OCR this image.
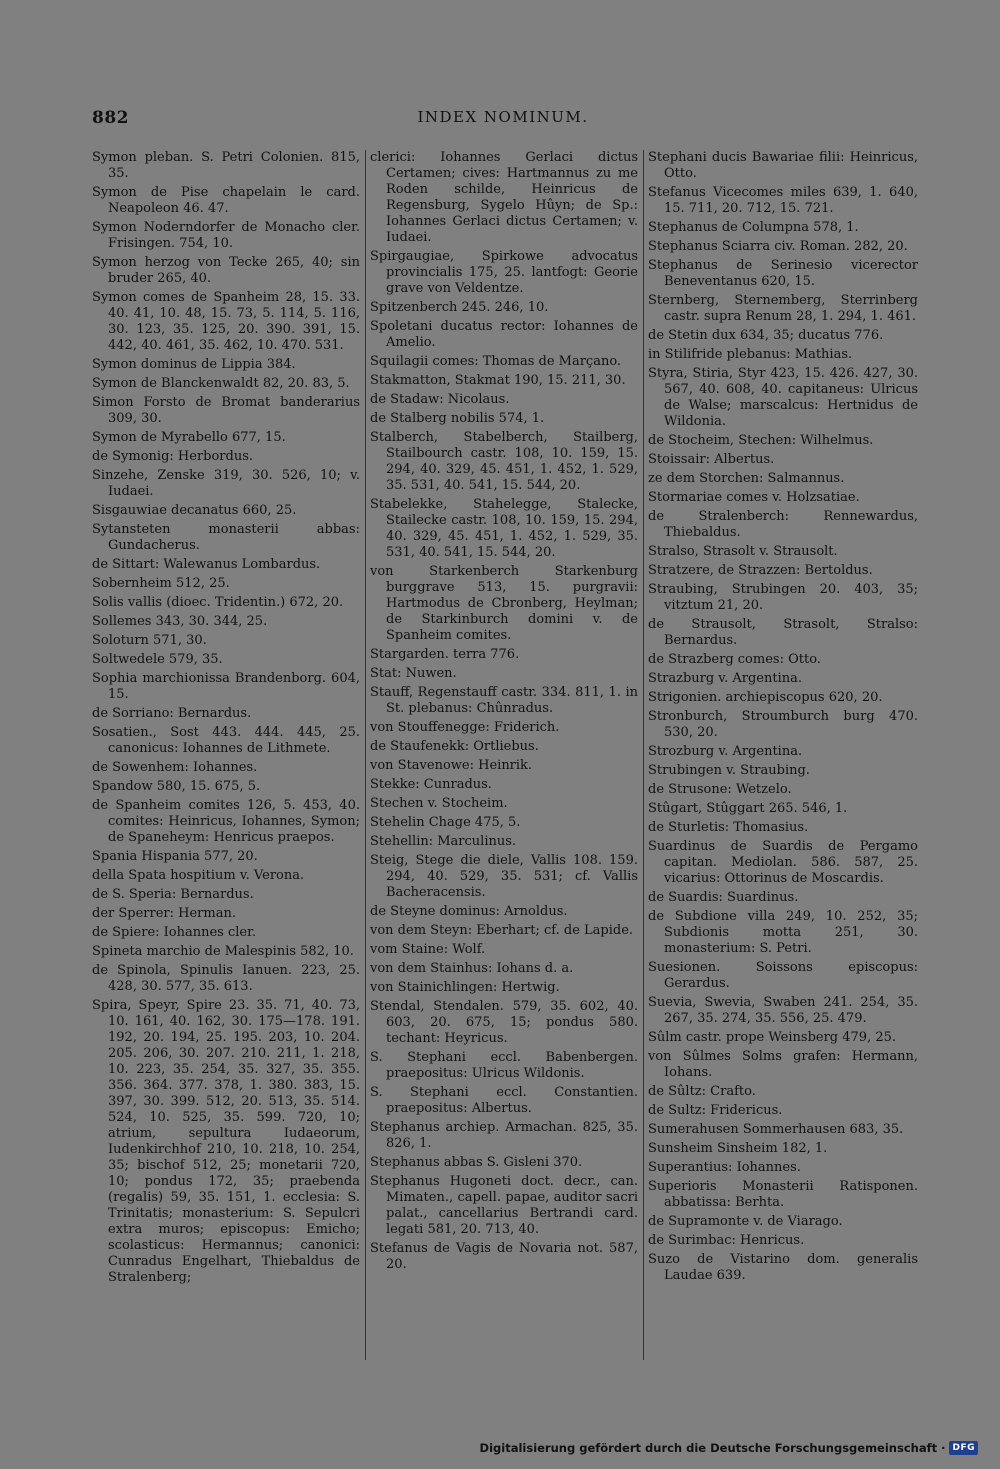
882	INDEX NOMINUM.

Symon pleban. S. Petri Colonien. 815, 35.

Symon de Pise chapelain le card. Neapoleon 46. 47.

Symon Noderndorfer de Monacho cler. Frisingen. 754, 10.

Symon herzog von Tecke 265, 40; sin bruder 265, 40.

Symon comes de Spanheim 28, 15. 33. 40. 41, 10. 48, 15. 73, 5. 114, 5. 116, 30. 123, 35. 125, 20. 390. 391, 15. 442, 40. 461, 35. 462, 10. 470. 531.

Symon dominus de Lippia 384.

Symon de Blanckenwaldt 82, 20. 83, 5.

Simon Forsto de Bromat banderarius 309, 30.

Symon de Myrabello 677, 15.

de Symonig: Herbordus.

Sinzehe, Zenske 319, 30. 526, 10; v. Iudaei.

Sisgauwiae decanatus 660, 25.

Sytansteten monasterii abbas: Gundacherus.

de Sittart: Walewanus Lombardus.

Sobernheim 512, 25.

Solis vallis (dioec. Tridentin.) 672, 20.

Sollemes 343, 30. 344, 25.

Soloturn 571, 30.

Soltwedele 579, 35.

Sophia marchionissa Brandenborg. 604, 15.

de Sorriano: Bernardus.

Sosatien., Sost 443. 444. 445, 25. canonicus: Iohannes de Lithmete.

de Sowenhem: Iohannes.

Spandow 580, 15. 675, 5.

de Spanheim comites 126, 5. 453, 40. comites: Heinricus, Iohannes, Symon; de Spaneheym: Henricus praepos.

Spania Hispania 577, 20.

della Spata hospitium v. Verona.

de S. Speria: Bernardus.

der Sperrer: Herman.

de Spiere: Iohannes cler.

Spineta marchio de Malespinis 582, 10.

de Spinola, Spinulis Ianuen. 223, 25. 428, 30. 577, 35. 613.

Spira, Speyr, Spire 23. 35. 71, 40. 73, 10. 161, 40. 162, 30. 175—178. 191. 192, 20. 194, 25. 195. 203, 10. 204. 205. 206, 30. 207. 210. 211, 1. 218, 10. 223, 35. 254, 35. 327, 35. 355. 356. 364. 377. 378, 1. 380. 383, 15. 397, 30. 399. 512, 20. 513, 35. 514. 524, 10. 525, 35. 599. 720, 10; atrium, sepultura Iudaeorum, Iudenkirchhof 210, 10. 218, 10. 254, 35; bischof 512, 25; monetarii 720, 10; pondus 172, 35; praebenda (regalis) 59, 35. 151, 1. ecclesia: S. Trinitatis; monasterium: S. Sepulcri extra muros; episcopus: Emicho; scolasticus: Hermannus; canonici: Cunradus Engelhart, Thiebaldus de Stralenberg;

clerici: Iohannes Gerlaci dictus Certamen; cives: Hartmannus zu me Roden schilde, Heinricus de Regensburg, Sygelo Hûyn; de Sp.: Iohannes Gerlaci dictus Certamen; v. Iudaei.

Spirgaugiae, Spirkowe advocatus provincialis 175, 25. lantfogt: Georie grave von Veldentze.

Spitzenberch 245. 246, 10.

Spoletani ducatus rector: Iohannes de Amelio.

Squilagii comes: Thomas de Marçano.

Stakmatton, Stakmat 190, 15. 211, 30.

de Stadaw: Nicolaus.

de Stalberg nobilis 574, 1.

Stalberch, Stabelberch, Stailberg, Stailbourch castr. 108, 10. 159, 15. 294, 40. 329, 45. 451, 1. 452, 1. 529, 35. 531, 40. 541, 15. 544, 20.

Stabelekke, Stahelegge, Stalecke, Stailecke castr. 108, 10. 159, 15. 294, 40. 329, 45. 451, 1. 452, 1. 529, 35. 531, 40. 541, 15. 544, 20.

von Starkenberch Starkenburg burggrave 513, 15. purgravii: Hartmodus de Cbronberg, Heylman; de Starkinburch domini v. de Spanheim comites.

Stargarden. terra 776.

Stat: Nuwen.

Stauff, Regenstauff castr. 334. 811, 1. in St. plebanus: Chûnradus.

von Stouffenegge: Friderich.

de Staufenekk: Ortliebus.

von Stavenowe: Heinrik.

Stekke: Cunradus.

Stechen v. Stocheim.

Stehelin Chage 475, 5.

Stehellin: Marculinus.

Steig, Stege die diele, Vallis 108. 159. 294, 40. 529, 35. 531; cf. Vallis Bacheracensis.

de Steyne dominus: Arnoldus.

von dem Steyn: Eberhart; cf. de Lapide.

vom Staine: Wolf.

von dem Stainhus: Iohans d. a.

von Stainichlingen: Hertwig.

Stendal, Stendalen. 579, 35. 602, 40. 603, 20. 675, 15; pondus 580. techant: Heyricus.

S. Stephani eccl. Babenbergen. praepositus: Ulricus Wildonis.

S. Stephani eccl. Constantien. praepositus: Albertus.

Stephanus archiep. Armachan. 825, 35. 826, 1.

Stephanus abbas S. Gisleni 370.

Stephanus Hugoneti doct. decr., can. Mimaten., capell. papae, auditor sacri palat., cancellarius Bertrandi card. legati 581, 20. 713, 40.

Stefanus de Vagis de Novaria not. 587, 20.

Stephani ducis Bawariae filii: Heinricus, Otto.

Stefanus Vicecomes miles 639, 1. 640, 15. 711, 20. 712, 15. 721.

Stephanus de Columpna 578, 1.

Stephanus Sciarra civ. Roman. 282, 20.

Stephanus de Serinesio vicerector Beneventanus 620, 15.

Sternberg, Sternemberg, Sterrinberg castr. supra Renum 28, 1. 294, 1. 461.

de Stetin dux 634, 35; ducatus 776.

in Stilifride plebanus: Mathias.

Styra, Stiria, Styr 423, 15. 426. 427, 30. 567, 40. 608, 40. capitaneus: Ulricus de Walse; marscalcus: Hertnidus de Wildonia.

de Stocheim, Stechen: Wilhelmus.

Stoissair: Albertus.

ze dem Storchen: Salmannus.

Stormariae comes v. Holzsatiae.

de Stralenberch: Rennewardus, Thiebaldus.

Stralso, Strasolt v. Strausolt.

Stratzere, de Strazzen: Bertoldus.

Straubing, Strubingen 20. 403, 35; vitztum 21, 20.

de Strausolt, Strasolt, Stralso: Bernardus.

de Strazberg comes: Otto.

Strazburg v. Argentina.

Strigonien. archiepiscopus 620, 20.

Stronburch, Stroumburch burg 470. 530, 20.

Strozburg v. Argentina.

Strubingen v. Straubing.

de Strusone: Wetzelo.

Stûgart, Stûggart 265. 546, 1.

de Sturletis: Thomasius.

Suardinus de Suardis de Pergamo capitan. Mediolan. 586. 587, 25. vicarius: Ottorinus de Moscardis.

de Suardis: Suardinus.

de Subdione villa 249, 10. 252, 35; Subdionis motta 251, 30. monasterium: S. Petri.

Suesionen. Soissons episcopus: Gerardus.

Suevia, Swevia, Swaben 241. 254, 35. 267, 35. 274, 35. 556, 25. 479.

Sûlm castr. prope Weinsberg 479, 25.

von Sûlmes Solms grafen: Hermann, Iohans.

de Sûltz: Crafto.

de Sultz: Fridericus.

Sumerahusen Sommerhausen 683, 35.

Sunsheim Sinsheim 182, 1.

Superantius: Iohannes.

Superioris Monasterii Ratisponen. abbatissa: Berhta.

de Supramonte v. de Viarago.

de Surimbac: Henricus.

Suzo de Vistarino dom. generalis Laudae 639.

Digitalisierung gefördert durch die Deutsche Forschungsgemeinschaft · DFG
